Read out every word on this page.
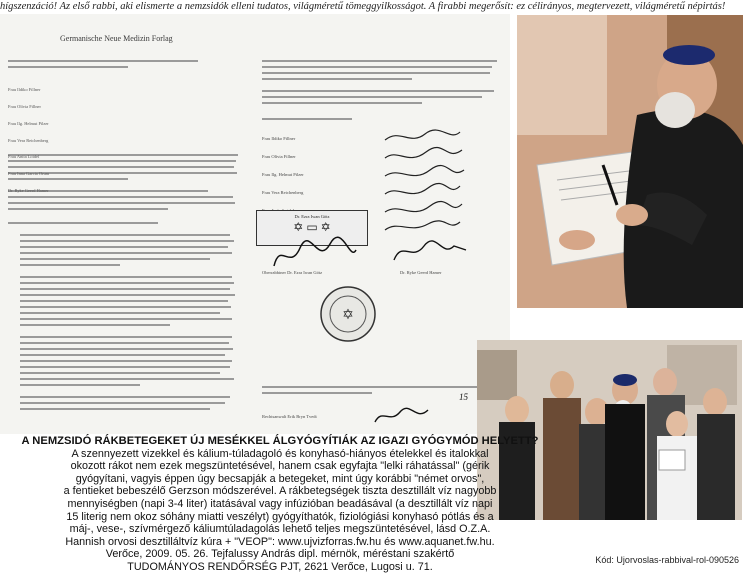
hígszenzáció! Az első rabbi, aki elismerte a nemzsidók elleni tudatos, világméretű tömeggyilkosságot. A firabbi megerősít: ez célirányos, megtervezett, világméretű népirtás!
Germanische Neue Medizin Forlag

Frau Ildiko Fillner

Frau Olívia Fillner

Frau Ilg. Helmut Pilzer

Frau Vera Reichenberg

Frau Anita Loidel

Frau Inna Garcia Orum

Dr. Ryke Geerd Hamer

Frau Ildiko Fillner
Frau Olívia Fillner
Frau Ilg. Helmut Pilzer
Frau Vera Reichenberg
Dr. Ezra Iwan Götz
✡ ▭ ✡
Oberrabbiner Dr. Ezra Iwan Götz	Dr. Ryke Geerd Hamer
✡
Rechtsanwalt Erik Bryn Tvedt
15
A NEMZSIDÓ RÁKBETEGEKET ÚJ MESÉKKEL ÁLGYÓGYÍTIÁK AZ IGAZI GYÓGYMÓD HELYETT?
A szennyezett vizekkel és kálium-túladagoló és konyhasó-hiányos ételekkel és italokkal
okozott rákot nem ezek megszüntetésével, hanem csak egyfajta "lelki ráhatással" (gérik
gyógyítani, vagyis éppen úgy becsapják a betegeket, mint úgy korábbi "német orvos",
a fentieket bebeszélő Gerzson módszerével. A rákbetegségek tiszta desztillált víz nagyobb
mennyiségben (napi 3-4 liter) itatásával vagy infúzióban beadásával (a desztillált víz napi
15 literig nem okoz sóhány miatti veszélyt) gyógyíthatók, fiziológiási konyhasó pótlás és a
máj-, vese-, szívmérgező káliumtúladagolás lehető teljes megszüntetésével, lásd O.Z.A.
Hannish orvosi desztilláltvíz kúra + "VEOP": www.ujvizforras.fw.hu és www.aquanet.fw.hu.
Verőce, 2009. 05. 26. Tejfalussy András dipl. mérnök, méréstani szakértő
TUDOMÁNYOS RENDŐRSÉG PJT, 2621 Verőce, Lugosi u. 71.
Kód: Ujorvoslas-rabbival-rol-090526
